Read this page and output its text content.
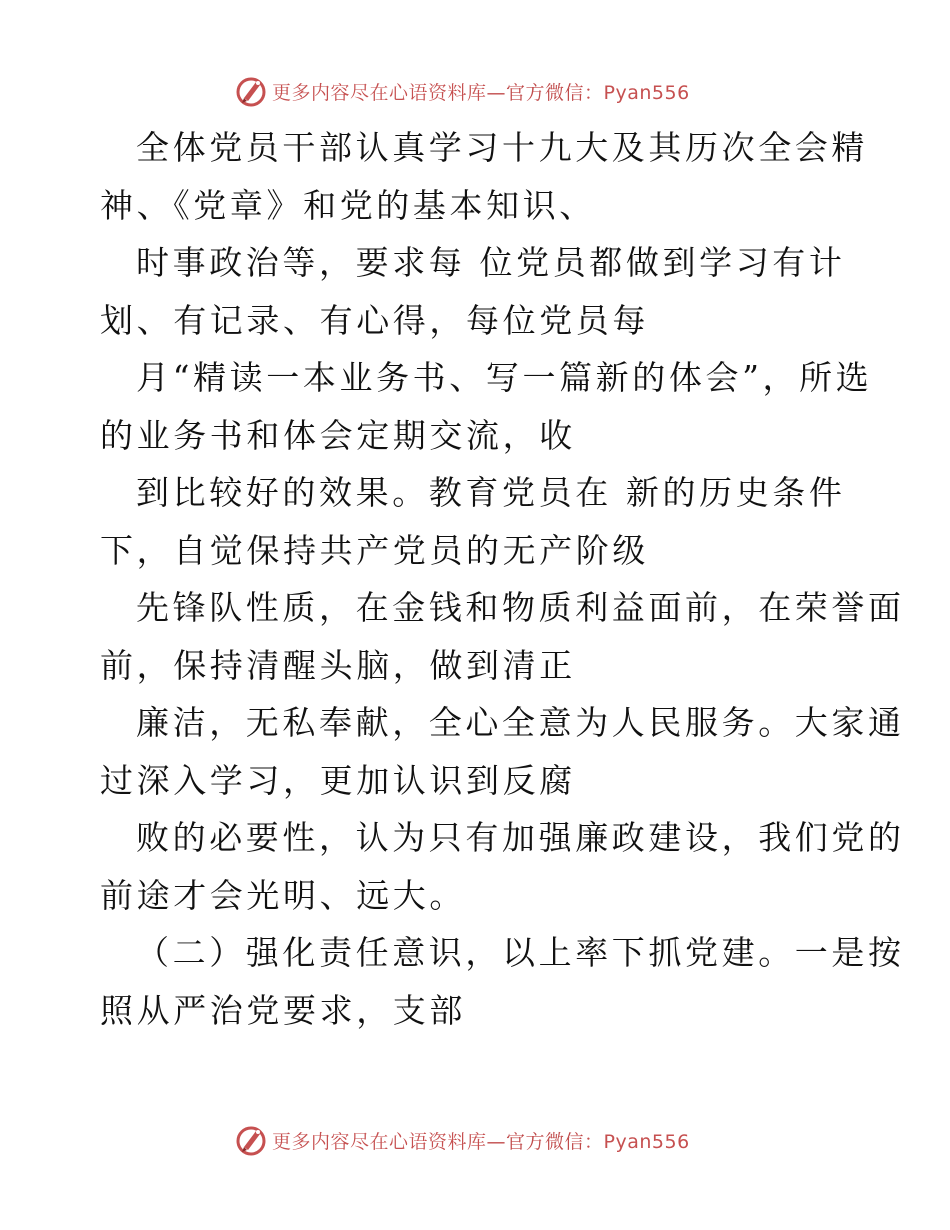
更多内容尽在心语资料库—官方微信：Pyan556
全体党员干部认真学习十九大及其历次全会精
神、《党章》和党的基本知识、
时事政治等，要求每 位党员都做到学习有计
划、有记录、有心得，每位党员每
月“精读一本业务书、写一篇新的体会”，所选
的业务书和体会定期交流，收
到比较好的效果。教育党员在 新的历史条件
下，自觉保持共产党员的无产阶级
先锋队性质，在金钱和物质利益面前，在荣誉面
前，保持清醒头脑，做到清正
廉洁，无私奉献，全心全意为人民服务。大家通
过深入学习，更加认识到反腐
败的必要性，认为只有加强廉政建设，我们党的
前途才会光明、远大。
（二）强化责任意识，以上率下抓党建。一是按
照从严治党要求，支部
更多内容尽在心语资料库—官方微信：Pyan556
